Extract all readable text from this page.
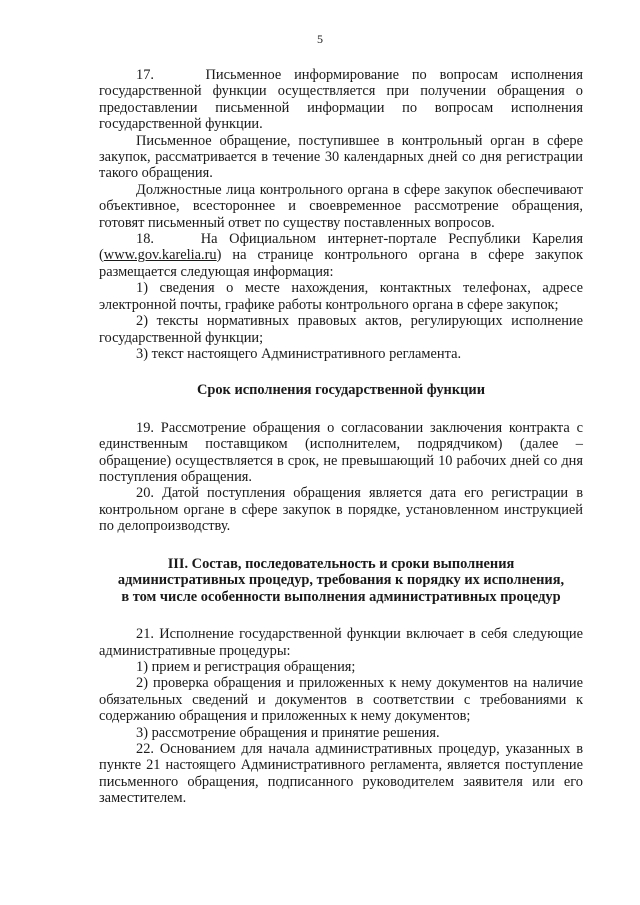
5

17.    Письменное информирование по вопросам исполнения государственной функции осуществляется при получении обращения о предоставлении письменной информации по вопросам исполнения государственной функции.

Письменное обращение, поступившее в контрольный орган в сфере закупок, рассматривается в течение 30 календарных дней со дня регистрации такого обращения.

Должностные лица контрольного органа в сфере закупок обеспечивают объективное, всестороннее и своевременное рассмотрение обращения, готовят письменный ответ по существу поставленных вопросов.

18.    На Официальном интернет-портале Республики Карелия (www.gov.karelia.ru) на странице контрольного органа в сфере закупок размещается следующая информация:

1) сведения о месте нахождения, контактных телефонах, адресе электронной почты, графике работы контрольного органа в сфере закупок;

2) тексты нормативных правовых актов, регулирующих исполнение государственной функции;

3) текст настоящего Административного регламента.

Срок исполнения государственной функции

19. Рассмотрение обращения о согласовании заключения контракта с единственным поставщиком (исполнителем, подрядчиком) (далее – обращение) осуществляется в срок, не превышающий 10 рабочих дней со дня поступления обращения.

20. Датой поступления обращения является дата его регистрации в контрольном органе в сфере закупок в порядке, установленном инструкцией по делопроизводству.

III. Состав, последовательность и сроки выполнения

административных процедур, требования к порядку их исполнения,

в том числе особенности выполнения административных процедур

21. Исполнение государственной функции включает в себя следующие административные процедуры:

1) прием и регистрация обращения;

2) проверка обращения и приложенных к нему документов на наличие обязательных сведений и документов в соответствии с требованиями к содержанию обращения и приложенных к нему документов;

3) рассмотрение обращения и принятие решения.

22. Основанием для начала административных процедур, указанных в пункте 21 настоящего Административного регламента, является поступление письменного обращения, подписанного руководителем заявителя или его заместителем.
